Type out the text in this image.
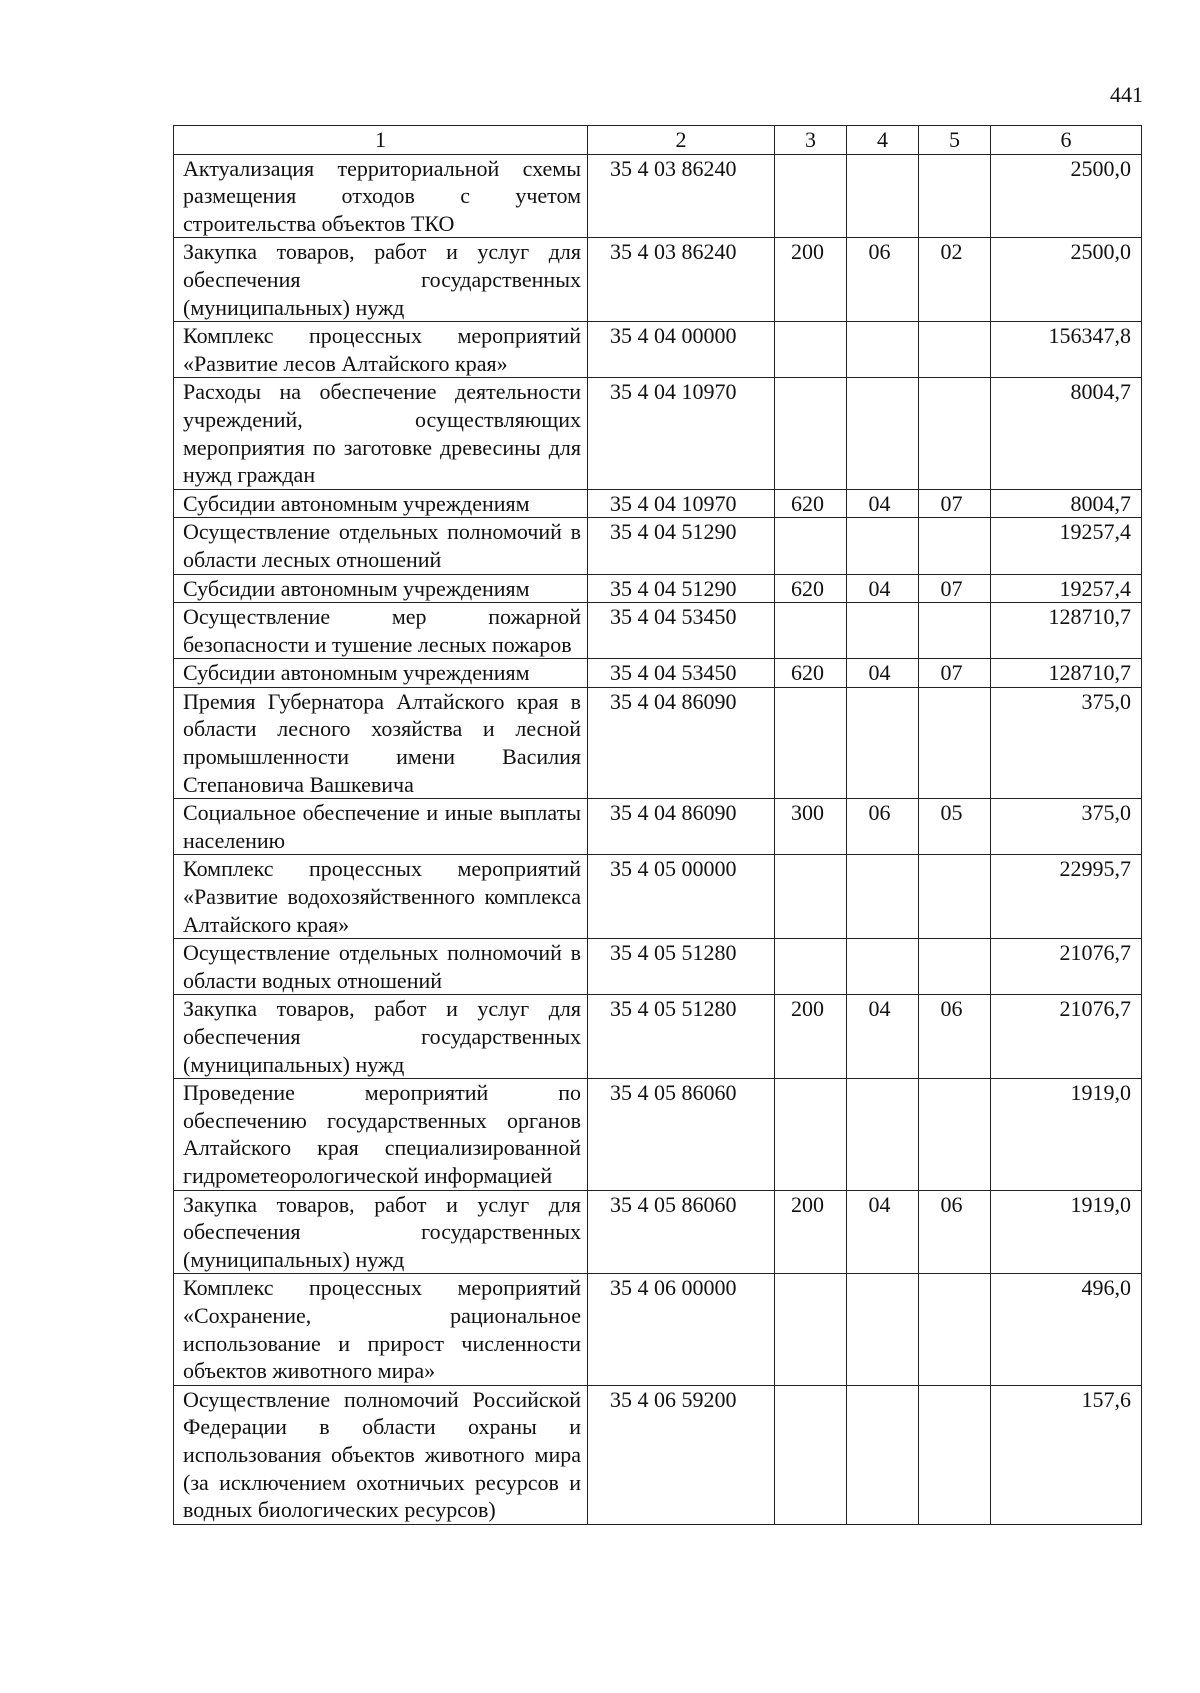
441
1	2	3	4	5	6
Актуализация территориальной схемы размещения отходов с учетом строительства объектов ТКО	35 4 03 86240				2500,0
Закупка товаров, работ и услуг для обеспечения государственных (муниципальных) нужд	35 4 03 86240	200	06	02	2500,0
Комплекс процессных мероприятий «Развитие лесов Алтайского края»	35 4 04 00000				156347,8
Расходы на обеспечение деятельности учреждений, осуществляющих мероприятия по заготовке древесины для нужд граждан	35 4 04 10970				8004,7
Субсидии автономным учреждениям	35 4 04 10970	620	04	07	8004,7
Осуществление отдельных полномочий в области лесных отношений	35 4 04 51290				19257,4
Субсидии автономным учреждениям	35 4 04 51290	620	04	07	19257,4
Осуществление мер пожарной безопасности и тушение лесных пожаров	35 4 04 53450				128710,7
Субсидии автономным учреждениям	35 4 04 53450	620	04	07	128710,7
Премия Губернатора Алтайского края в области лесного хозяйства и лесной промышленности имени Василия Степановича Вашкевича	35 4 04 86090				375,0
Социальное обеспечение и иные выплаты населению	35 4 04 86090	300	06	05	375,0
Комплекс процессных мероприятий «Развитие водохозяйственного комплекса Алтайского края»	35 4 05 00000				22995,7
Осуществление отдельных полномочий в области водных отношений	35 4 05 51280				21076,7
Закупка товаров, работ и услуг для обеспечения государственных (муниципальных) нужд	35 4 05 51280	200	04	06	21076,7
Проведение мероприятий по обеспечению государственных органов Алтайского края специализированной гидрометеорологической информацией	35 4 05 86060				1919,0
Закупка товаров, работ и услуг для обеспечения государственных (муниципальных) нужд	35 4 05 86060	200	04	06	1919,0
Комплекс процессных мероприятий «Сохранение, рациональное использование и прирост численности объектов животного мира»	35 4 06 00000				496,0
Осуществление полномочий Российской Федерации в области охраны и использования объектов животного мира (за исключением охотничьих ресурсов и водных биологических ресурсов)	35 4 06 59200				157,6
